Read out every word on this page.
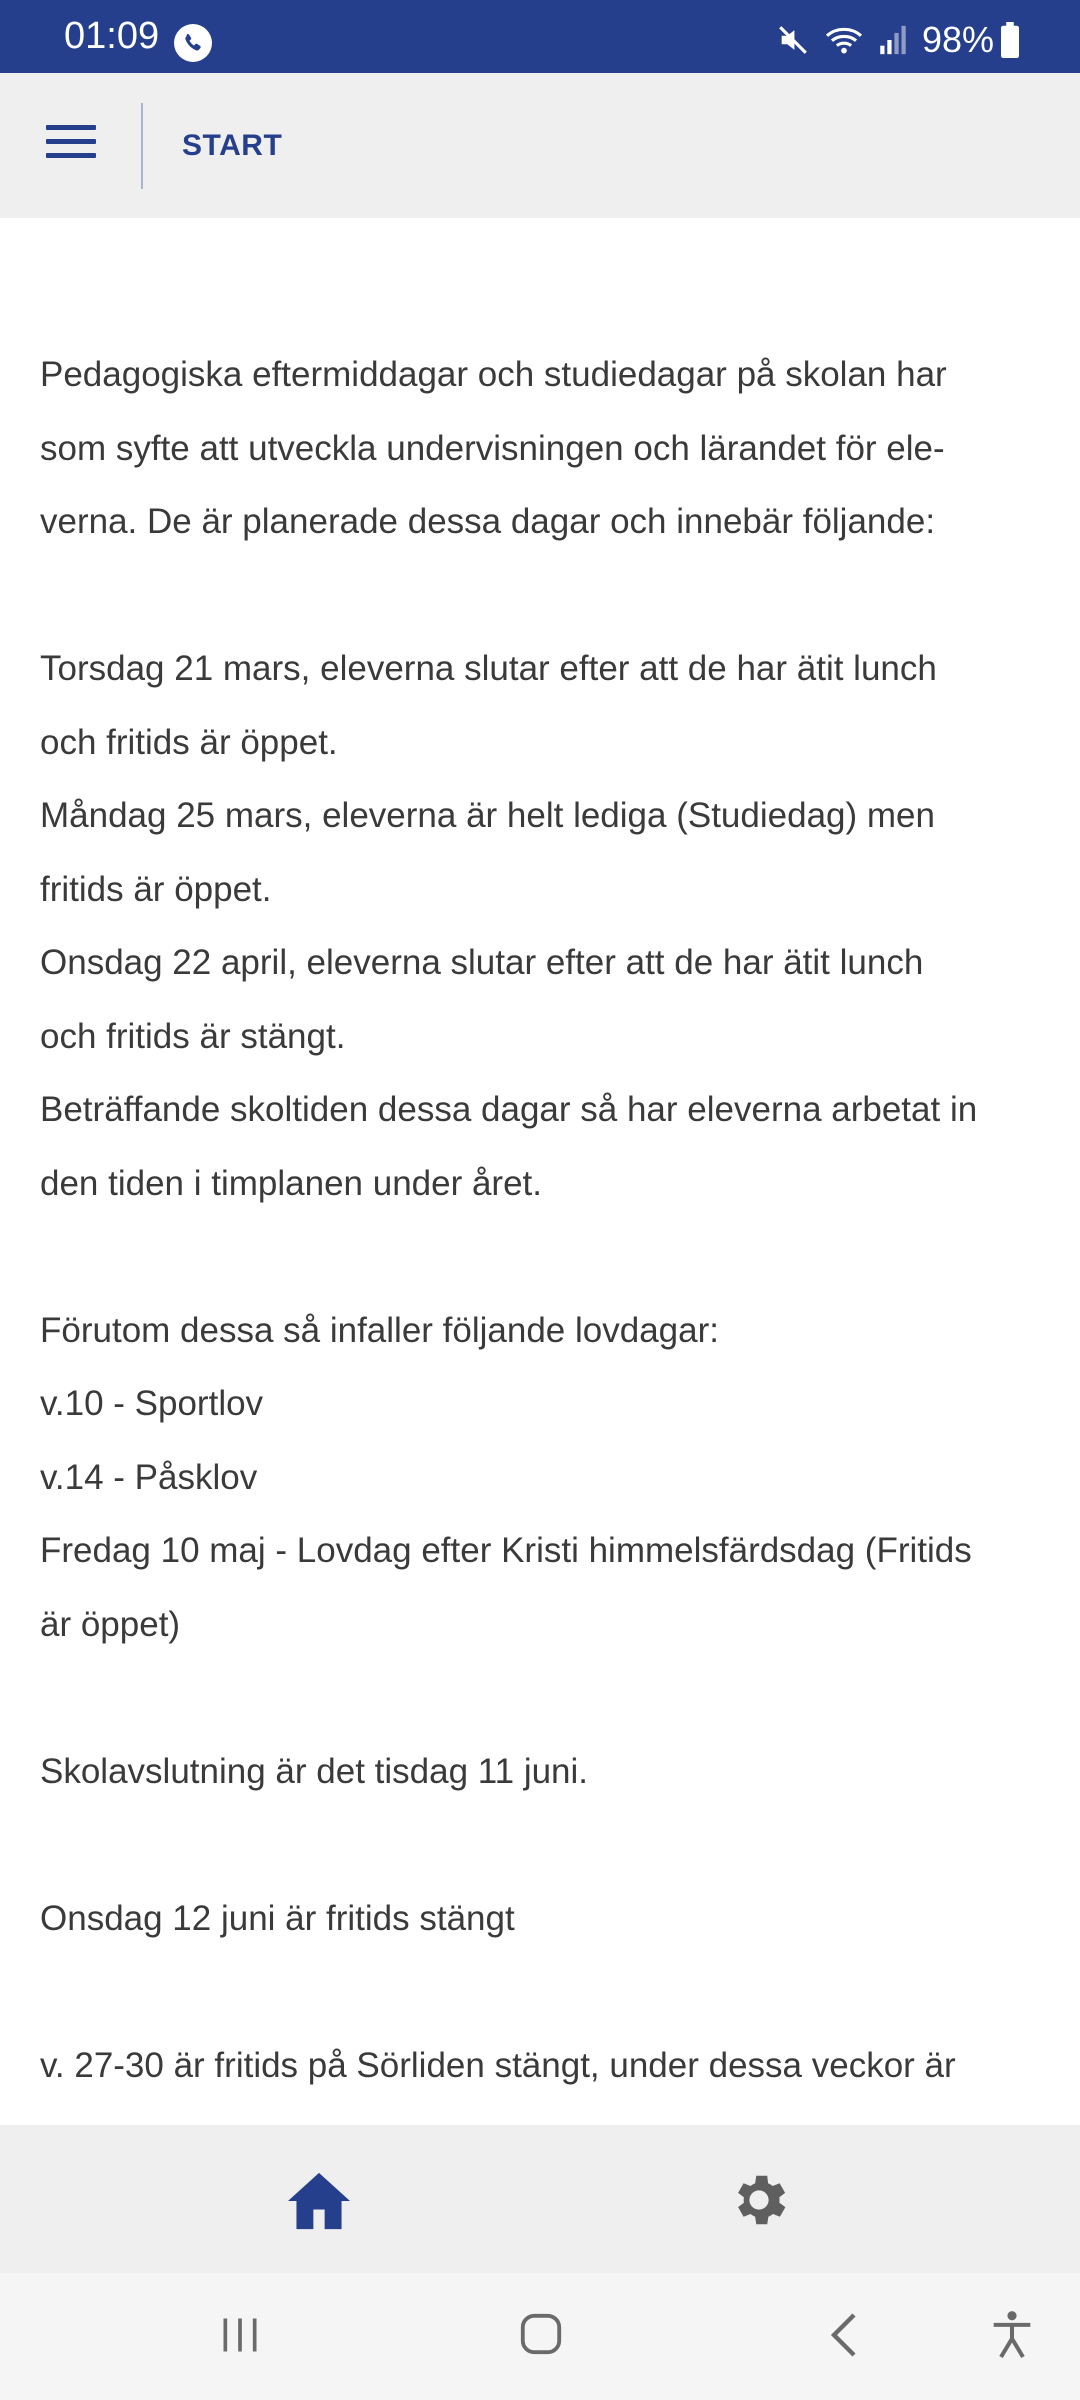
01:09	98%
START

Pedagogiska eftermiddagar och studiedagar på skolan har

som syfte att utveckla undervisningen och lärandet för ele-

verna. De är planerade dessa dagar och innebär följande:

Torsdag 21 mars, eleverna slutar efter att de har ätit lunch

och fritids är öppet.

Måndag 25 mars, eleverna är helt lediga (Studiedag) men

fritids är öppet.

Onsdag 22 april, eleverna slutar efter att de har ätit lunch

och fritids är stängt.

Beträffande skoltiden dessa dagar så har eleverna arbetat in

den tiden i timplanen under året.

Förutom dessa så infaller följande lovdagar:

v.10 - Sportlov

v.14 - Påsklov

Fredag 10 maj - Lovdag efter Kristi himmelsfärdsdag (Fritids

är öppet)

Skolavslutning är det tisdag 11 juni.

Onsdag 12 juni är fritids stängt

v. 27-30 är fritids på Sörliden stängt, under dessa veckor är
